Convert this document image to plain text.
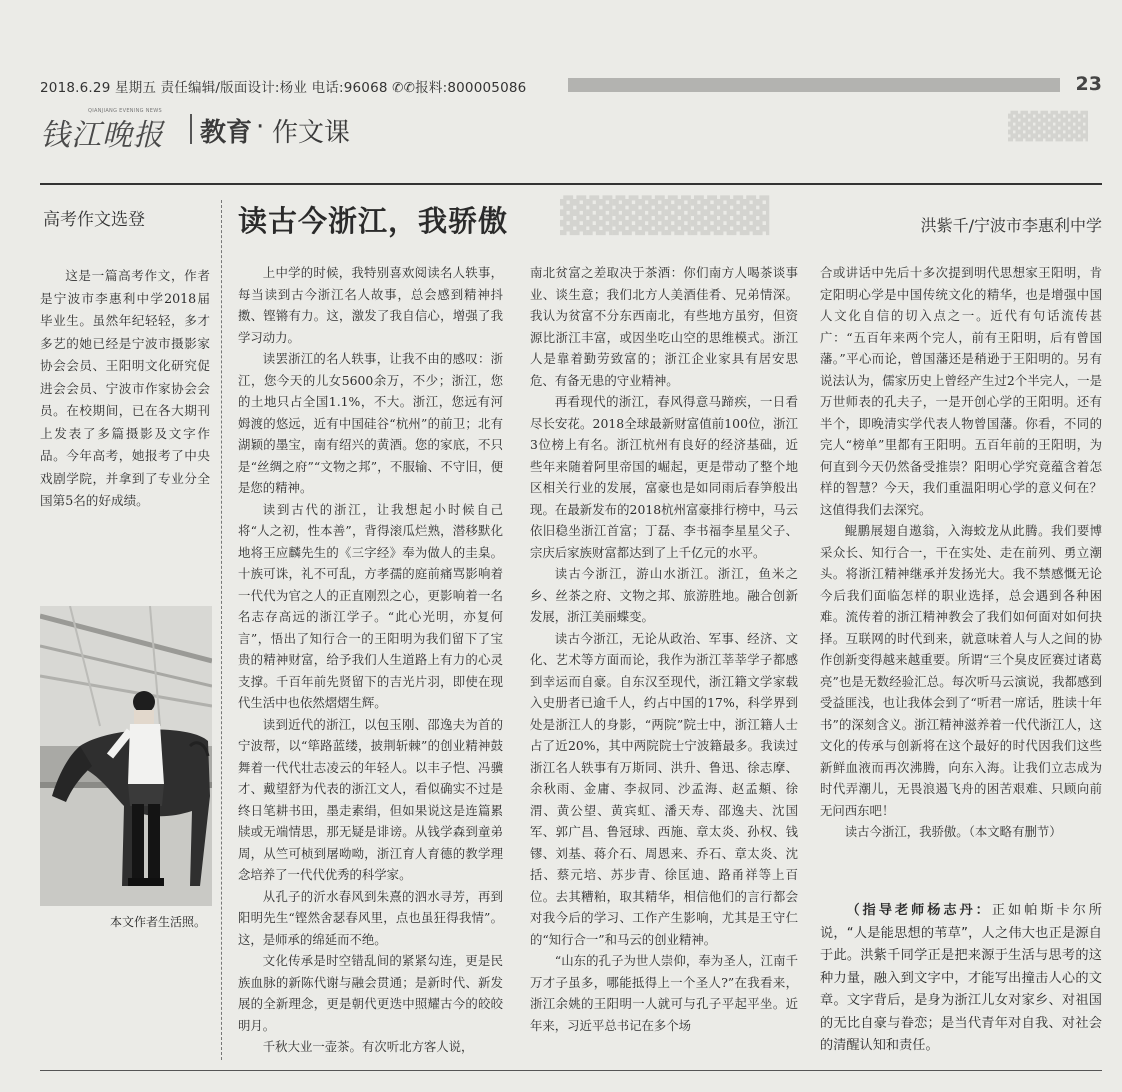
2018.6.29 星期五 责任编辑/版面设计:杨业 电话:96068 ✆✆报料:800005086	23
钱江晚报
QIANJIANG EVENING NEWS
教育 · 作文课	▓▓▓▓
▓▓▓▓▓▓▓▓
高考作文选登
这是一篇高考作文，作者是宁波市李惠利中学2018届毕业生。虽然年纪轻轻，多才多艺的她已经是宁波市摄影家协会会员、王阳明文化研究促进会会员、宁波市作家协会会员。在校期间，已在各大期刊上发表了多篇摄影及文字作品。今年高考，她报考了中央戏剧学院，并拿到了专业分全国第5名的好成绩。
本文作者生活照。
读古今浙江，我骄傲	洪紫千/宁波市李惠利中学

上中学的时候，我特别喜欢阅读名人轶事，每当读到古今浙江名人故事，总会感到精神抖擞、铿锵有力。这，激发了我自信心，增强了我学习动力。

读罢浙江的名人轶事，让我不由的感叹：浙江，您今天的儿女5600余万，不少；浙江，您的土地只占全国1.1%，不大。浙江，您远有河姆渡的悠远，近有中国硅谷“杭州”的前卫；北有湖颖的墨宝，南有绍兴的黄酒。您的家底，不只是“丝绸之府”“文物之邦”，不服输、不守旧，便是您的精神。

读到古代的浙江，让我想起小时候自己将“人之初，性本善”，背得滚瓜烂熟，潜移默化地将王应麟先生的《三字经》奉为做人的圭臬。十族可诛，礼不可乱，方孝孺的庭前痛骂影响着一代代为官之人的正直刚烈之心，更影响着一名名志存高远的浙江学子。“此心光明，亦复何言”，悟出了知行合一的王阳明为我们留下了宝贵的精神财富，给予我们人生道路上有力的心灵支撑。千百年前先贤留下的吉光片羽，即使在现代生活中也依然熠熠生辉。

读到近代的浙江，以包玉刚、邵逸夫为首的宁波帮，以“筚路蓝缕，披荆斩棘”的创业精神鼓舞着一代代壮志凌云的年轻人。以丰子恺、冯骥才、戴望舒为代表的浙江文人，看似确实不过是终日笔耕书田，墨走素绢，但如果说这是连篇累牍或无端情思，那无疑是诽谤。从钱学森到童弟周，从竺可桢到屠呦呦，浙江育人育德的教学理念培养了一代代优秀的科学家。

从孔子的沂水春风到朱熹的泗水寻芳，再到阳明先生“铿然舍瑟春风里，点也虽狂得我情”。这，是师承的绵延而不绝。

文化传承是时空错乱间的紧紧勾连，更是民族血脉的新陈代谢与融会贯通；是新时代、新发展的全新理念，更是朝代更迭中照耀古今的皎皎明月。

千秋大业一壶茶。有次听北方客人说，

南北贫富之差取决于茶酒：你们南方人喝茶谈事业、谈生意；我们北方人美酒佳肴、兄弟情深。我认为贫富不分东西南北，有些地方虽穷，但资源比浙江丰富，或因坐吃山空的思维模式。浙江人是靠着勤劳致富的；浙江企业家具有居安思危、有备无患的守业精神。

再看现代的浙江，春风得意马蹄疾，一日看尽长安花。2018全球最新财富值前100位，浙江3位榜上有名。浙江杭州有良好的经济基础，近些年来随着阿里帝国的崛起，更是带动了整个地区相关行业的发展，富豪也是如同雨后春笋般出现。在最新发布的2018杭州富豪排行榜中，马云依旧稳坐浙江首富；丁磊、李书福李星星父子、宗庆后家族财富都达到了上千亿元的水平。

读古今浙江，游山水浙江。浙江，鱼米之乡、丝茶之府、文物之邦、旅游胜地。融合创新发展，浙江美丽蝶变。

读古今浙江，无论从政治、军事、经济、文化、艺术等方面而论，我作为浙江莘莘学子都感到幸运而自豪。自东汉至现代，浙江籍文学家载入史册者已逾千人，约占中国的17%，科学界到处是浙江人的身影，“两院”院士中，浙江籍人士占了近20%，其中两院院士宁波籍最多。我读过浙江名人轶事有万斯同、洪升、鲁迅、徐志摩、余秋雨、金庸、李叔同、沙孟海、赵孟頫、徐渭、黄公望、黄宾虹、潘天寿、邵逸夫、沈国军、郭广昌、鲁冠球、西施、章太炎、孙权、钱镠、刘基、蒋介石、周恩来、乔石、章太炎、沈括、蔡元培、苏步青、徐匡迪、路甬祥等上百位。去其糟粕，取其精华，相信他们的言行都会对我今后的学习、工作产生影响，尤其是王守仁的“知行合一”和马云的创业精神。

“山东的孔子为世人崇仰，奉为圣人，江南千万才子虽多，哪能抵得上一个圣人?”在我看来，浙江余姚的王阳明一人就可与孔子平起平坐。近年来，习近平总书记在多个场

合或讲话中先后十多次提到明代思想家王阳明，肯定阳明心学是中国传统文化的精华，也是增强中国人文化自信的切入点之一。近代有句话流传甚广：“五百年来两个完人，前有王阳明，后有曾国藩。”平心而论，曾国藩还是稍逊于王阳明的。另有说法认为，儒家历史上曾经产生过2个半完人，一是万世师表的孔夫子，一是开创心学的王阳明。还有半个，即晚清实学代表人物曾国藩。你看，不同的完人“榜单”里都有王阳明。五百年前的王阳明，为何直到今天仍然备受推崇？阳明心学究竟蕴含着怎样的智慧？今天，我们重温阳明心学的意义何在？这值得我们去深究。

鲲鹏展翅自遨翁，入海蛟龙从此腾。我们要博采众长、知行合一，干在实处、走在前列、勇立潮头。将浙江精神继承并发扬光大。我不禁感慨无论今后我们面临怎样的职业选择，总会遇到各种困难。流传着的浙江精神教会了我们如何面对如何抉择。互联网的时代到来，就意味着人与人之间的协作创新变得越来越重要。所谓“三个臭皮匠赛过诸葛亮”也是无数经验汇总。每次听马云演说，我都感到受益匪浅，也让我体会到了“听君一席话，胜读十年书”的深刻含义。浙江精神滋养着一代代浙江人，这文化的传承与创新将在这个最好的时代因我们这些新鲜血液而再次沸腾，向东入海。让我们立志成为时代弄潮儿，无畏浪遏飞舟的困苦艰难、只顾向前无问西东吧！

读古今浙江，我骄傲。（本文略有删节）

（指导老师杨志丹：正如帕斯卡尔所说，“人是能思想的苇草”，人之伟大也正是源自于此。洪紫千同学正是把来源于生活与思考的这种力量，融入到文字中，才能写出撞击人心的文章。文字背后，是身为浙江儿女对家乡、对祖国的无比自豪与眷恋；是当代青年对自我、对社会的清醒认知和责任。
